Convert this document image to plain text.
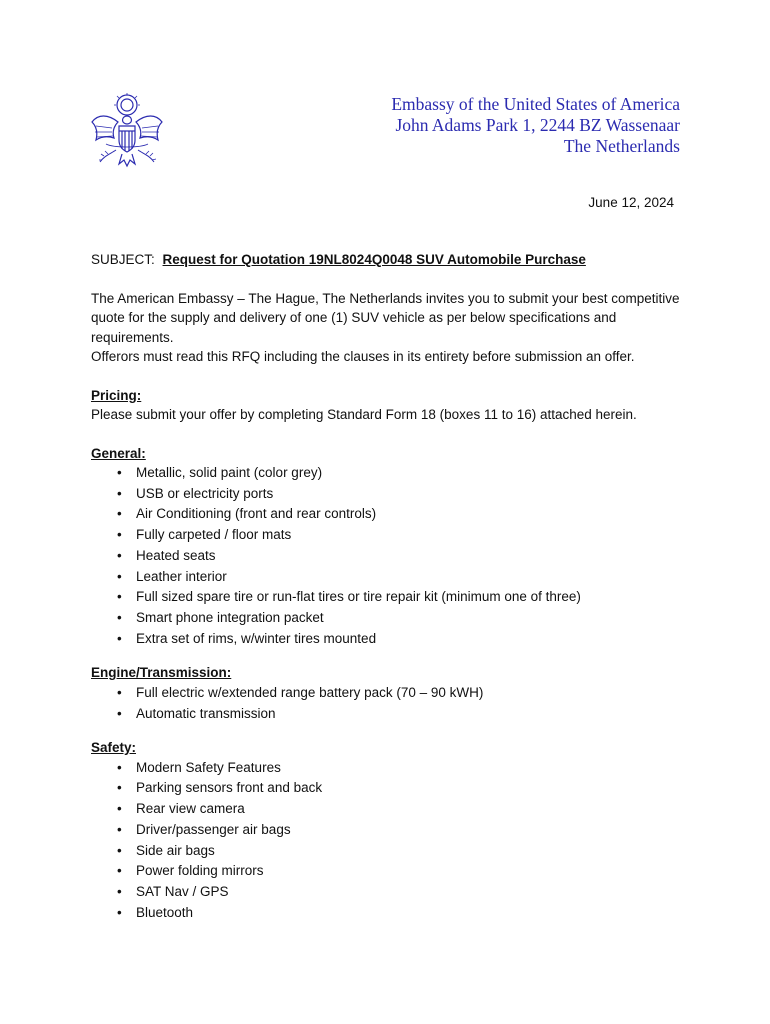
Embassy of the United States of America
John Adams Park 1, 2244 BZ Wassenaar
The Netherlands
June 12, 2024

SUBJECT: Request for Quotation 19NL8024Q0048 SUV Automobile Purchase

The American Embassy – The Hague, The Netherlands invites you to submit your best competitive quote for the supply and delivery of one (1) SUV vehicle as per below specifications and requirements.

Offerors must read this RFQ including the clauses in its entirety before submission an offer.

Pricing:

Please submit your offer by completing Standard Form 18 (boxes 11 to 16) attached herein.

General:

• Metallic, solid paint (color grey)
• USB or electricity ports
• Air Conditioning (front and rear controls)
• Fully carpeted / floor mats
• Heated seats
• Leather interior
• Full sized spare tire or run-flat tires or tire repair kit (minimum one of three)
• Smart phone integration packet
• Extra set of rims, w/winter tires mounted

Engine/Transmission:

• Full electric w/extended range battery pack (70 – 90 kWH)
• Automatic transmission

Safety:

• Modern Safety Features
• Parking sensors front and back
• Rear view camera
• Driver/passenger air bags
• Side air bags
• Power folding mirrors
• SAT Nav / GPS
• Bluetooth
